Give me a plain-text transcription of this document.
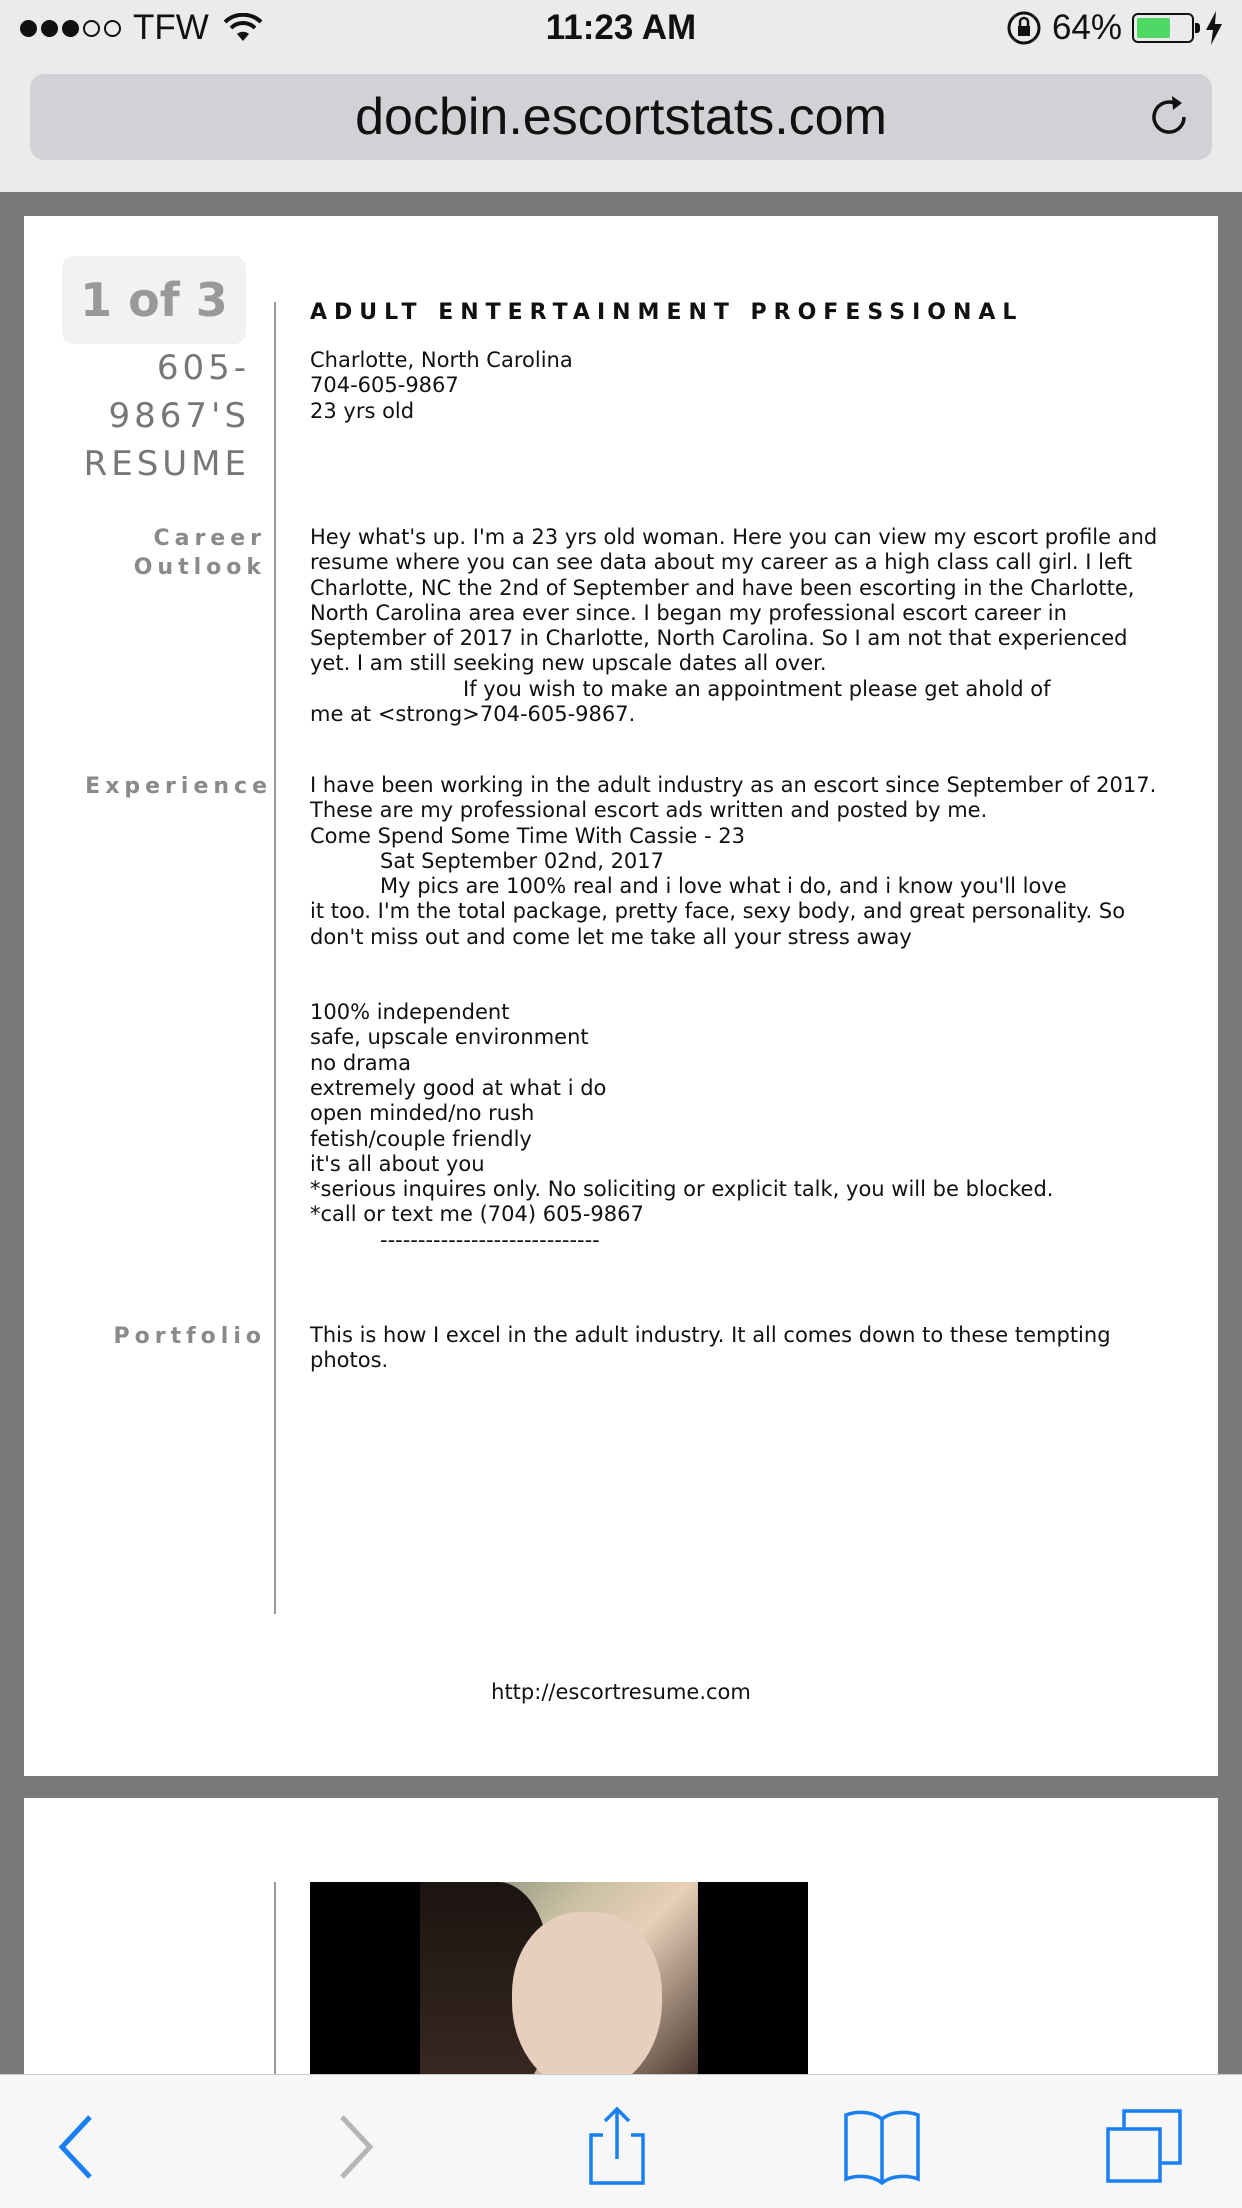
TFW	11:23 AM	64%
docbin.escortstats.com
1 of 3
605-9867'S RESUME
ADULT ENTERTAINMENT PROFESSIONAL
Charlotte, North Carolina
704-605-9867
23 yrs old
Career Outlook
Hey what's up. I'm a 23 yrs old woman. Here you can view my escort profile and resume where you can see data about my career as a high class call girl. I left Charlotte, NC the 2nd of September and have been escorting in the Charlotte, North Carolina area ever since. I began my professional escort career in September of 2017 in Charlotte, North Carolina. So I am not that experienced yet. I am still seeking new upscale dates all over.
If you wish to make an appointment please get ahold of
me at <strong>704-605-9867.
Experience I have been working in the adult industry as an escort since September of 2017. These are my professional escort ads written and posted by me.
Come Spend Some Time With Cassie - 23
Sat September 02nd, 2017
My pics are 100% real and i love what i do, and i know you'll love
it too. I'm the total package, pretty face, sexy body, and great personality. So don't miss out and come let me take all your stress away
100% independent
safe, upscale environment
no drama
extremely good at what i do
open minded/no rush
fetish/couple friendly
it's all about you
*serious inquires only. No soliciting or explicit talk, you will be blocked.
*call or text me (704) 605-9867
-----------------------------
Portfolio This is how I excel in the adult industry. It all comes down to these tempting photos.
http://escortresume.com
